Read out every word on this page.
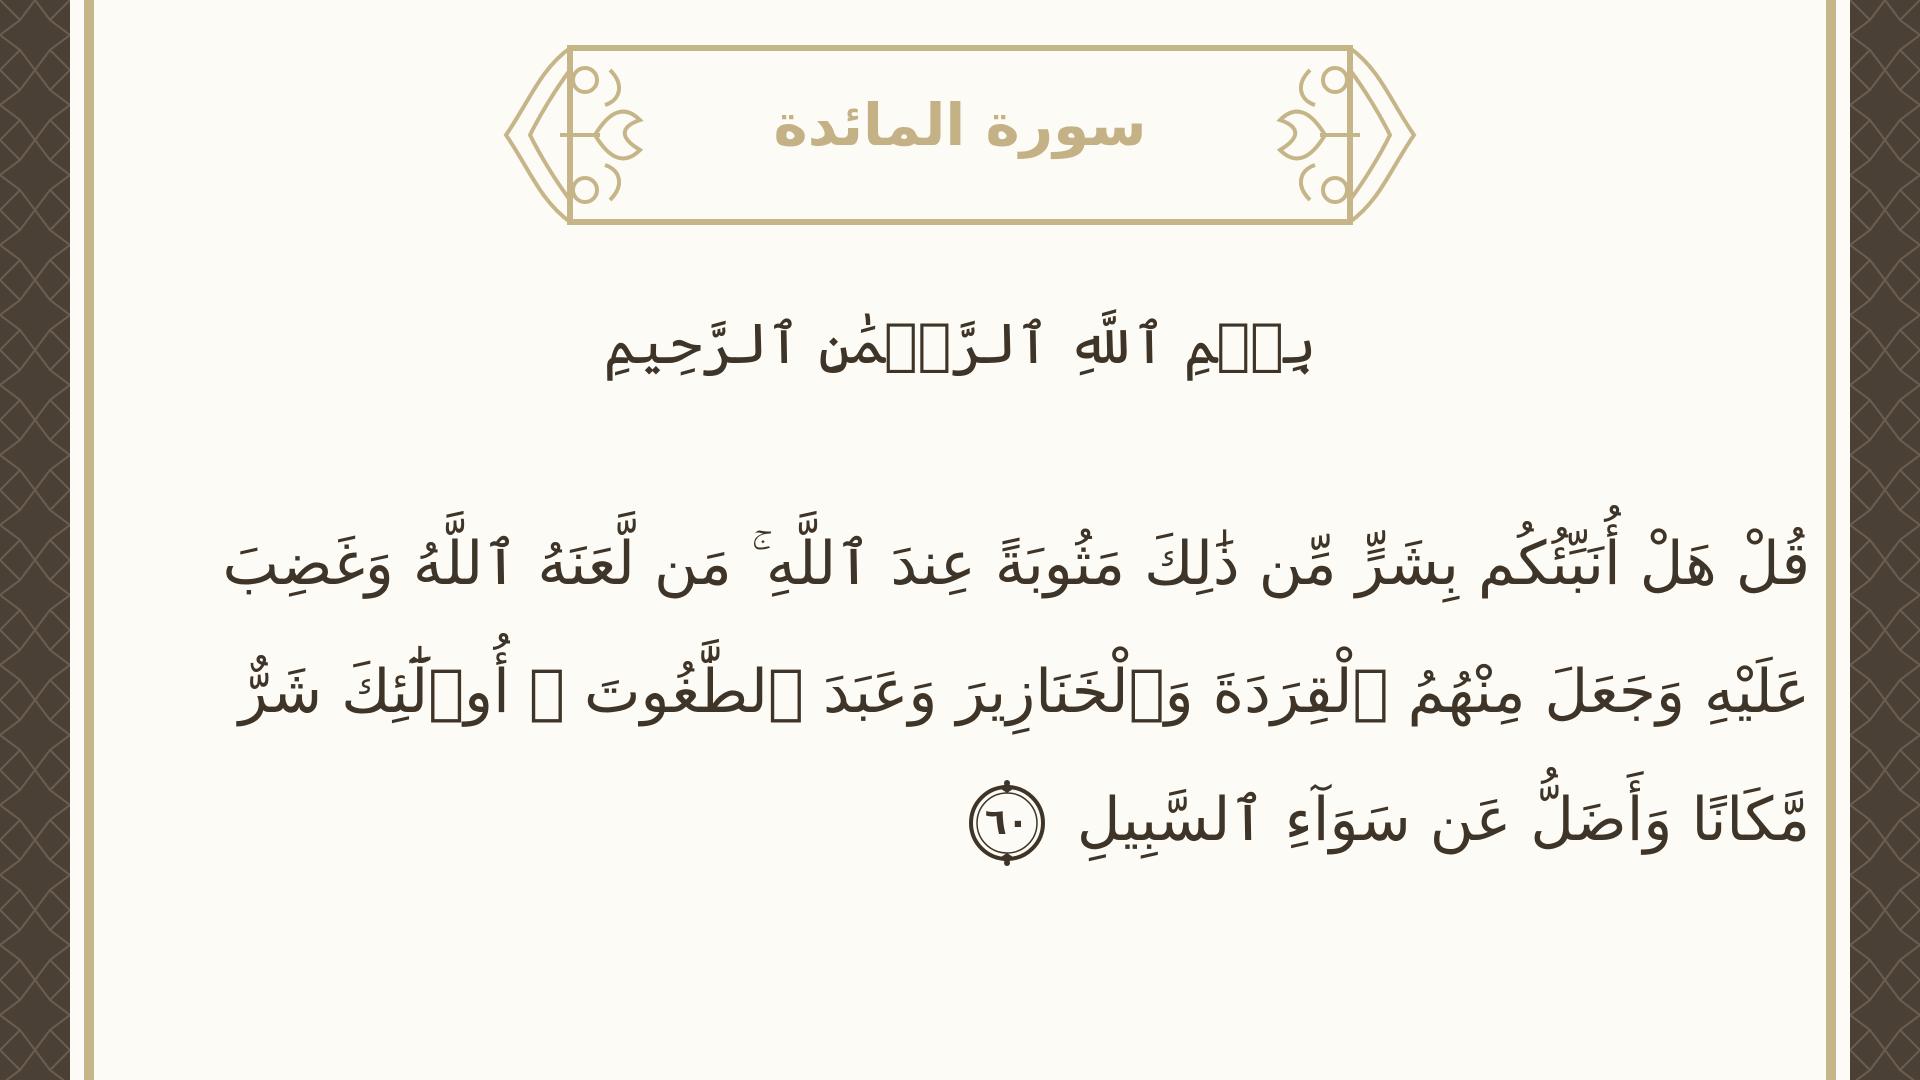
سورة المائدة
بِسۡمِ ٱللَّهِ ٱلرَّحۡمَٰنِ ٱلرَّحِيمِ
قُلْ هَلْ أُنَبِّئُكُم بِشَرٍّ مِّن ذَٰلِكَ مَثُوبَةً عِندَ ٱللَّهِ ۚ مَن لَّعَنَهُ ٱللَّهُ وَغَضِبَ
عَلَيْهِ وَجَعَلَ مِنْهُمُ ٱلْقِرَدَةَ وَٱلْخَنَازِيرَ وَعَبَدَ ٱلطَّٰغُوتَ ۚ أُو۟لَٰٓئِكَ شَرٌّ
مَّكَانًا وَأَضَلُّ عَن سَوَآءِ ٱلسَّبِيلِ
٦٠
